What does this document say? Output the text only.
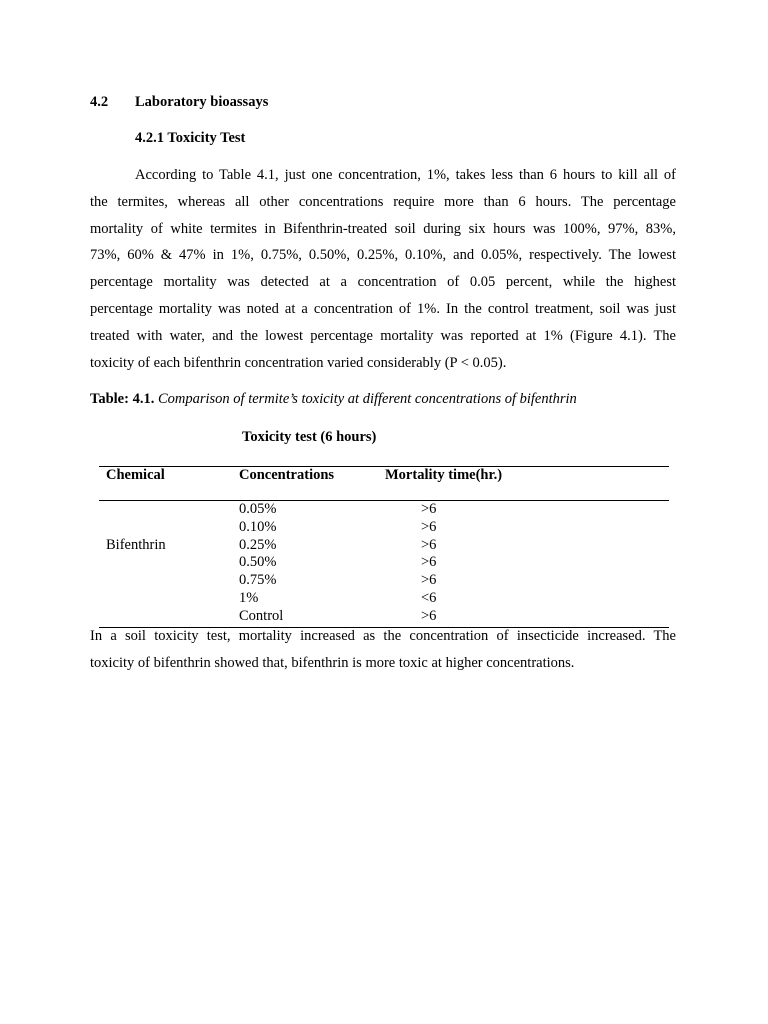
4.2 Laboratory bioassays
4.2.1 Toxicity Test
According to Table 4.1, just one concentration, 1%, takes less than 6 hours to kill all of
the termites, whereas all other concentrations require more than 6 hours. The percentage
mortality of white termites in Bifenthrin-treated soil during six hours was 100%, 97%, 83%,
73%, 60% & 47% in 1%, 0.75%, 0.50%, 0.25%, 0.10%, and 0.05%, respectively. The lowest
percentage mortality was detected at a concentration of 0.05 percent, while the highest
percentage mortality was noted at a concentration of 1%. In the control treatment, soil was just
treated with water, and the lowest percentage mortality was reported at 1% (Figure 4.1). The
toxicity of each bifenthrin concentration varied considerably (P < 0.05).
Table: 4.1. Comparison of termite’s toxicity at different concentrations of bifenthrin
Toxicity test (6 hours)
Chemical	Concentrations	Mortality time(hr.)
Bifenthrin
0.05%	>6
0.10%	>6
0.25%	>6
0.50%	>6
0.75%	>6
1%	<6
Control	>6
In a soil toxicity test, mortality increased as the concentration of insecticide increased. The
toxicity of bifenthrin showed that, bifenthrin is more toxic at higher concentrations.
